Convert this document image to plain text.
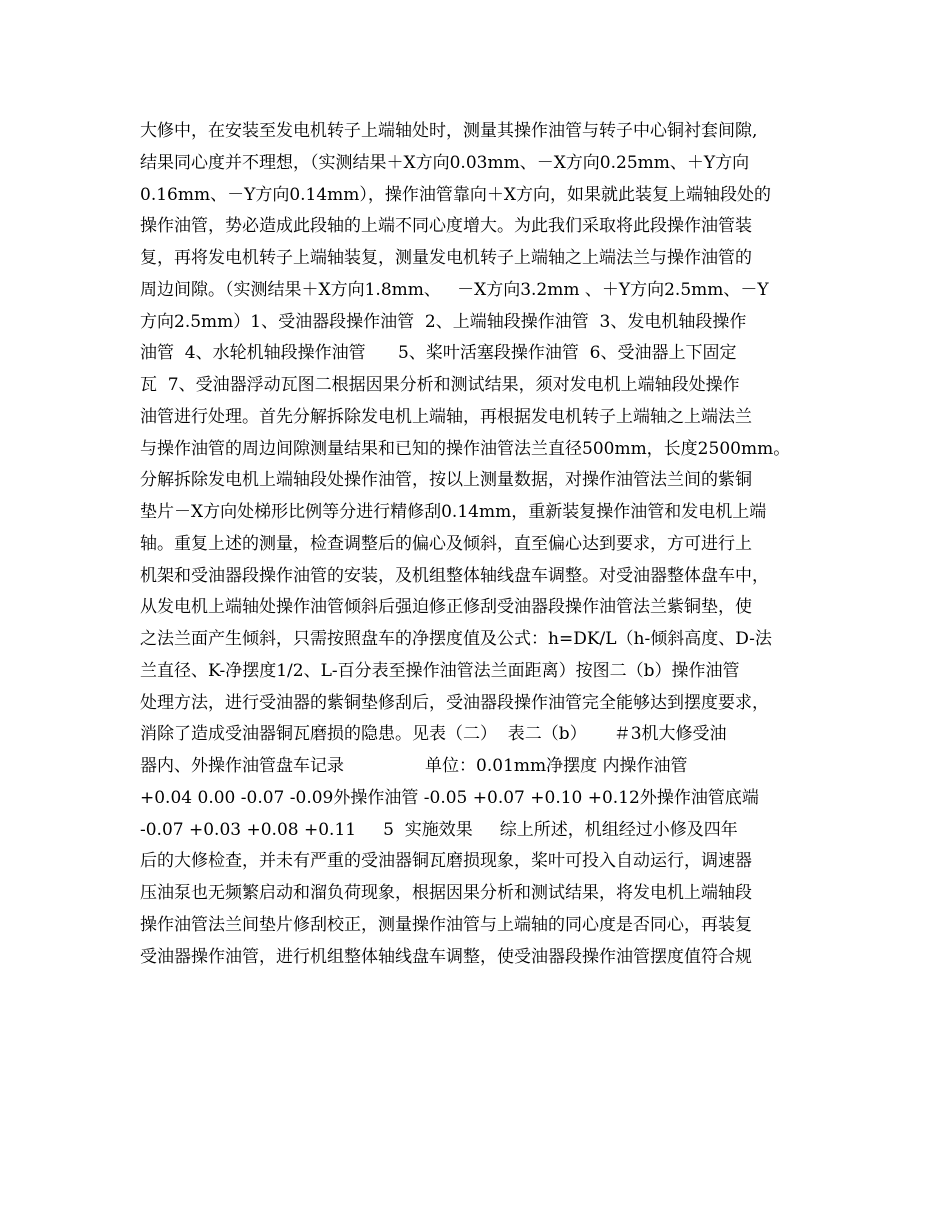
大修中，在安装至发电机转子上端轴处时，测量其操作油管与转子中心铜衬套间隙,
结果同心度并不理想，（实测结果＋X方向0.03mm、－X方向0.25mm、＋Y方向
0.16mm、－Y方向0.14mm），操作油管靠向＋X方向，如果就此装复上端轴段处的
操作油管，势必造成此段轴的上端不同心度增大。为此我们采取将此段操作油管装
复，再将发电机转子上端轴装复，测量发电机转子上端轴之上端法兰与操作油管的
周边间隙。（实测结果＋X方向1.8mm、   －X方向3.2mm 、＋Y方向2.5mm、－Y
方向2.5mm）1、受油器段操作油管  2、上端轴段操作油管  3、发电机轴段操作
油管  4、水轮机轴段操作油管      5、桨叶活塞段操作油管  6、受油器上下固定
瓦  7、受油器浮动瓦图二根据因果分析和测试结果，须对发电机上端轴段处操作
油管进行处理。首先分解拆除发电机上端轴，再根据发电机转子上端轴之上端法兰
与操作油管的周边间隙测量结果和已知的操作油管法兰直径500mm，长度2500mm。
分解拆除发电机上端轴段处操作油管，按以上测量数据，对操作油管法兰间的紫铜
垫片－X方向处梯形比例等分进行精修刮0.14mm，重新装复操作油管和发电机上端
轴。重复上述的测量，检查调整后的偏心及倾斜，直至偏心达到要求，方可进行上
机架和受油器段操作油管的安装，及机组整体轴线盘车调整。对受油器整体盘车中，
从发电机上端轴处操作油管倾斜后强迫修正修刮受油器段操作油管法兰紫铜垫，使
之法兰面产生倾斜，只需按照盘车的净摆度值及公式：h=DK/L（h-倾斜高度、D-法
兰直径、K-净摆度1/2、L-百分表至操作油管法兰面距离）按图二（b）操作油管
处理方法，进行受油器的紫铜垫修刮后，受油器段操作油管完全能够达到摆度要求，
消除了造成受油器铜瓦磨损的隐患。见表（二）  表二（b）     ＃3机大修受油
器内、外操作油管盘车记录               单位：0.01mm净摆度 内操作油管
+0.04 0.00 -0.07 -0.09外操作油管 -0.05 +0.07 +0.10 +0.12外操作油管底端
-0.07 +0.03 +0.08 +0.11     5  实施效果     综上所述，机组经过小修及四年
后的大修检查，并未有严重的受油器铜瓦磨损现象，桨叶可投入自动运行，调速器
压油泵也无频繁启动和溜负荷现象，根据因果分析和测试结果，将发电机上端轴段
操作油管法兰间垫片修刮校正，测量操作油管与上端轴的同心度是否同心，再装复
受油器操作油管，进行机组整体轴线盘车调整，使受油器段操作油管摆度值符合规
